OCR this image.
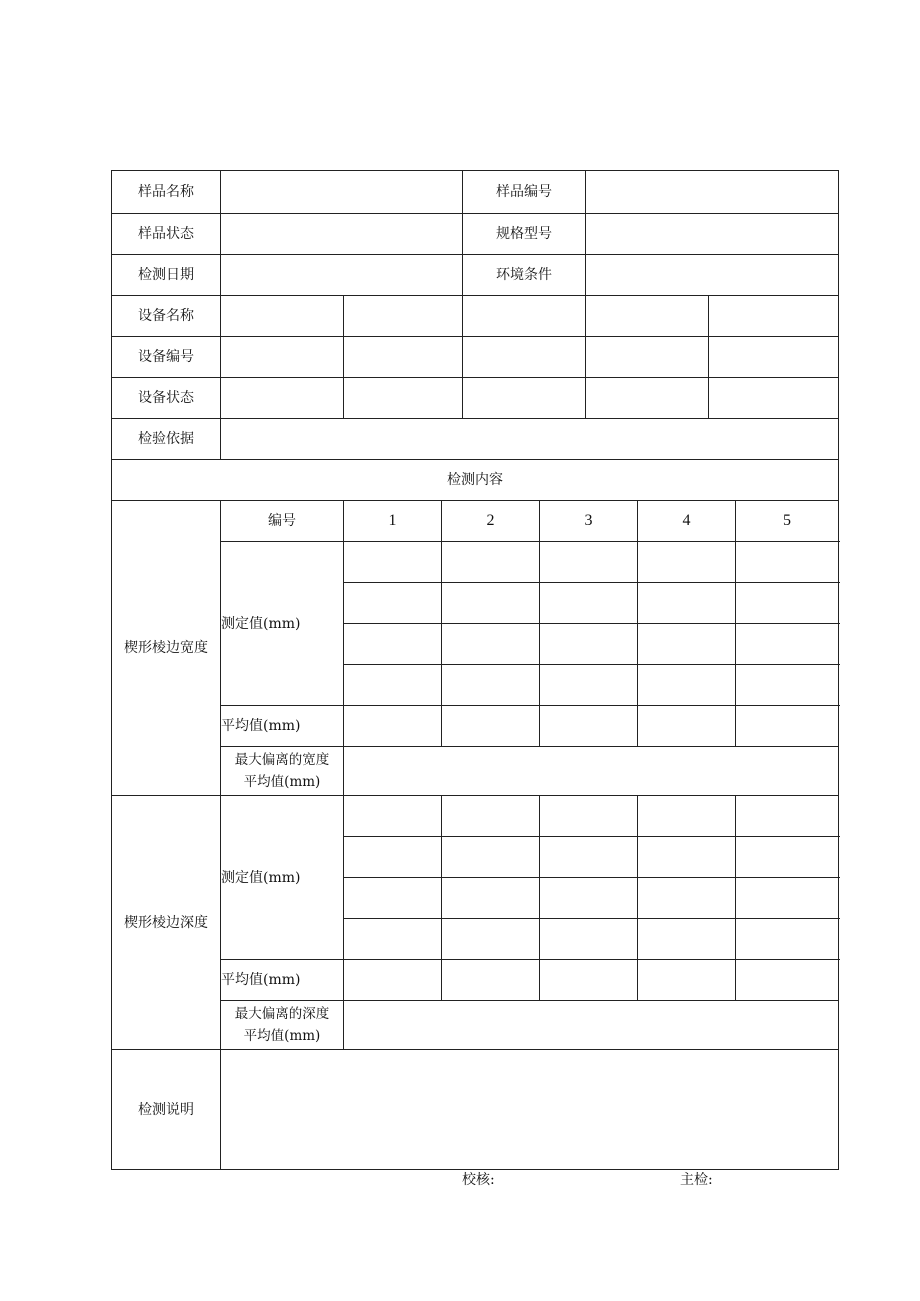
样品名称				样品编号					
样品状态				规格型号					
检测日期				环境条件					
设备名称									
设备编号									
设备状态									
检验依据									
检测内容									
楔形棱边宽度	编号	1	2		3		4		5
	测定值(mm)								

	平均值(mm)								

	最大偏离的宽度
平均值(mm)								

楔形棱边深度	测定值(mm)								

	平均值(mm)								

	最大偏离的深度
平均值(mm)								

检测说明									
校核:	主检:
